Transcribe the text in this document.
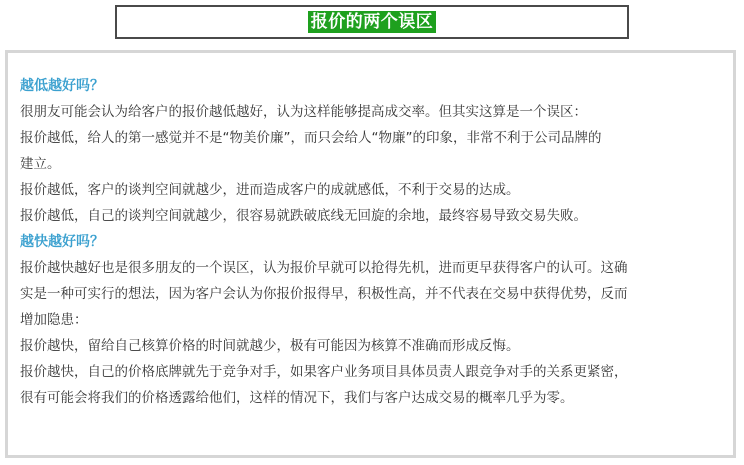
报价的两个误区
越低越好吗？
很朋友可能会认为给客户的报价越低越好，认为这样能够提高成交率。但其实这算是一个误区：
报价越低，给人的第一感觉并不是“物美价廉”，而只会给人“物廉”的印象，非常不利于公司品牌的
建立。
报价越低，客户的谈判空间就越少，进而造成客户的成就感低，不利于交易的达成。
报价越低，自己的谈判空间就越少，很容易就跌破底线无回旋的余地，最终容易导致交易失败。
越快越好吗？
报价越快越好也是很多朋友的一个误区，认为报价早就可以抢得先机，进而更早获得客户的认可。这确
实是一种可实行的想法，因为客户会认为你报价报得早，积极性高，并不代表在交易中获得优势，反而
增加隐患：
报价越快，留给自己核算价格的时间就越少，极有可能因为核算不准确而形成反悔。
报价越快，自己的价格底牌就先于竞争对手，如果客户业务项目具体员责人跟竞争对手的关系更紧密，
很有可能会将我们的价格透露给他们，这样的情况下，我们与客户达成交易的概率几乎为零。
